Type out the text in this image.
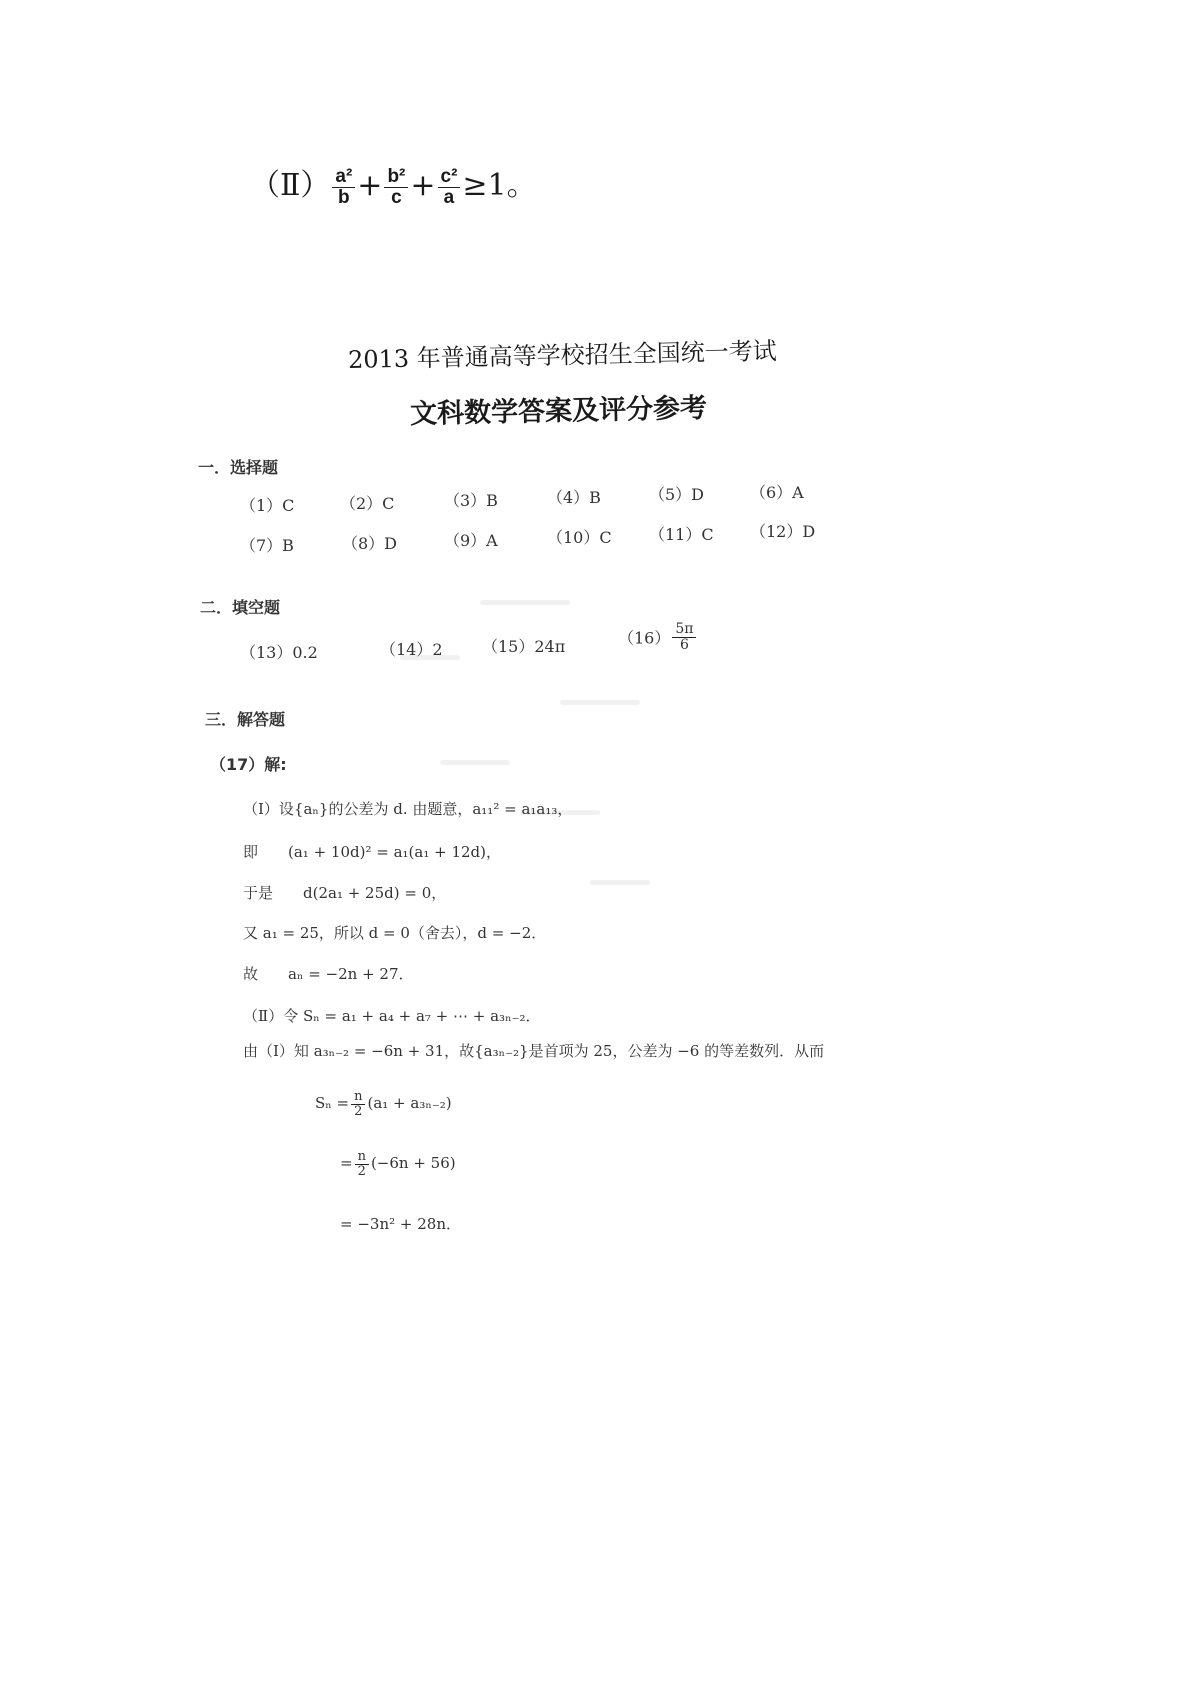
（Ⅱ） $\frac{\text{a²}}{b} + \frac{\text{b²}}{c} + \frac{\text{c²}}{a} \ge 1$。
2013 年普通高等学校招生全国统一考试
文科数学答案及评分参考
一．选择题
（1）C	（2）C	（3）B	（4）B	（5）D	（6）A
（7）B	（8）D	（9）A	（10）C （11）C （12）D
二．填空题
（13）0.2	（14）2 （15）24π	$(16) \frac{5\pi}{6}$
三．解答题
（17）解:
（Ⅰ）设{aₙ}的公差为 d. 由题意，a₁₁² = a₁a₁₃，
即　　(a₁ + 10d)² = a₁(a₁ + 12d)，
于是　　d(2a₁ + 25d) = 0，
又 a₁ = 25，所以 d = 0（舍去），d = −2．
故　　aₙ = −2n + 27．
（Ⅱ）令 Sₙ = a₁ + a₄ + a₇ + ⋯ + a₃ₙ₋₂．
由（Ⅰ）知 a₃ₙ₋₂ = −6n + 31，故{a₃ₙ₋₂}是首项为 25，公差为 −6 的等差数列．从而
$S_n = \frac{n}{2} (a_1 + a_{3n-2})$
= $\frac{n}{2} (-6n + 56)$
= −3n² + 28n．
